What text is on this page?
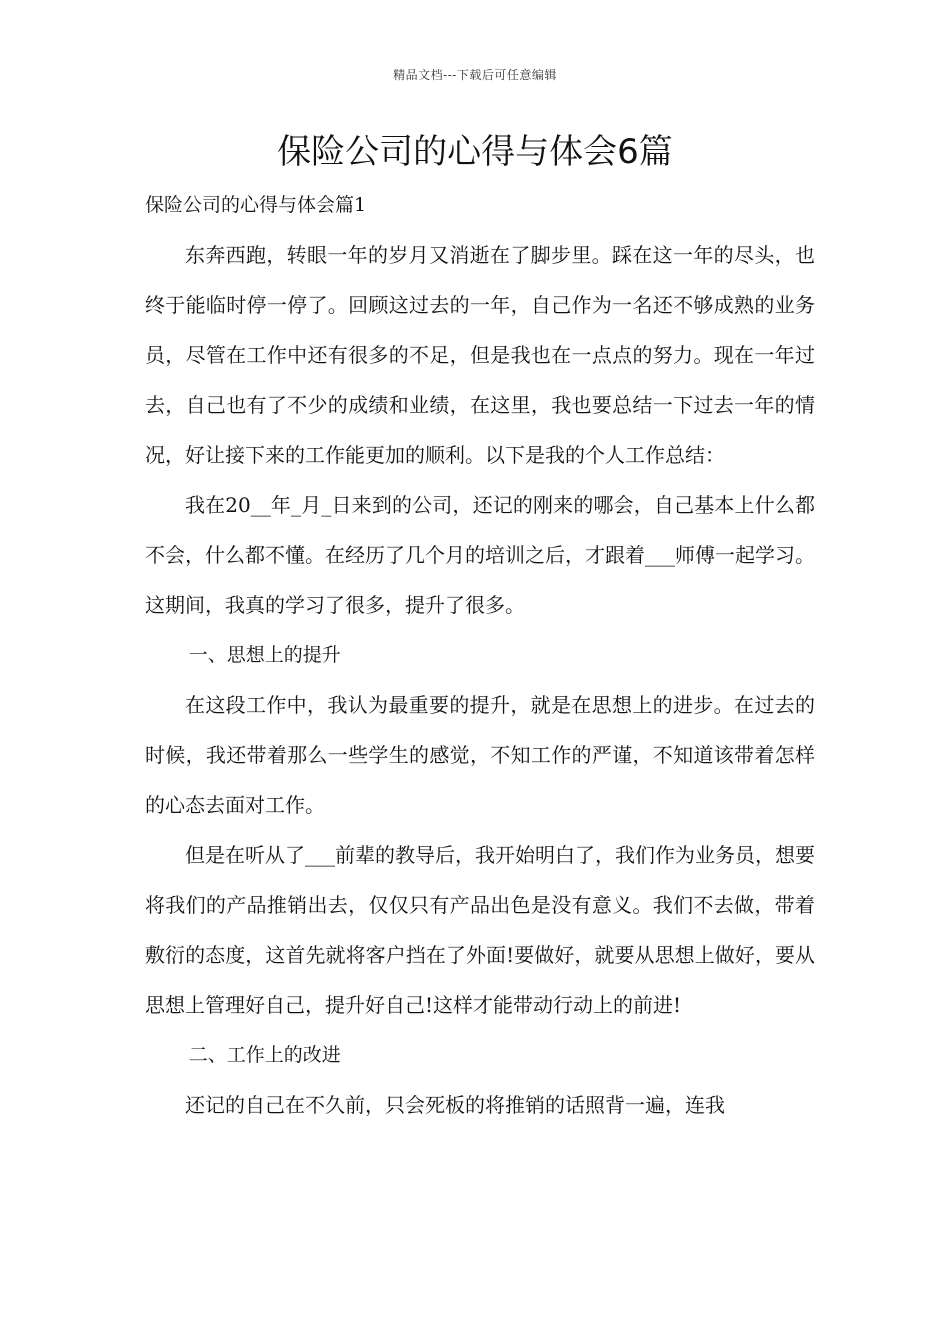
精品文档---下载后可任意编辑
保险公司的心得与体会6篇

保险公司的心得与体会篇1

东奔西跑，转眼一年的岁月又消逝在了脚步里。踩在这一年的尽头，也终于能临时停一停了。回顾这过去的一年，自己作为一名还不够成熟的业务员，尽管在工作中还有很多的不足，但是我也在一点点的努力。现在一年过去，自己也有了不少的成绩和业绩，在这里，我也要总结一下过去一年的情况，好让接下来的工作能更加的顺利。以下是我的个人工作总结：

我在20__年_月_日来到的公司，还记的刚来的哪会，自己基本上什么都不会，什么都不懂。在经历了几个月的培训之后，才跟着___师傅一起学习。这期间，我真的学习了很多，提升了很多。

一、思想上的提升

在这段工作中，我认为最重要的提升，就是在思想上的进步。在过去的时候，我还带着那么一些学生的感觉，不知工作的严谨，不知道该带着怎样的心态去面对工作。

但是在听从了___前辈的教导后，我开始明白了，我们作为业务员，想要将我们的产品推销出去，仅仅只有产品出色是没有意义。我们不去做，带着敷衍的态度，这首先就将客户挡在了外面!要做好，就要从思想上做好，要从思想上管理好自己，提升好自己!这样才能带动行动上的前进!

二、工作上的改进

还记的自己在不久前，只会死板的将推销的话照背一遍，连我
